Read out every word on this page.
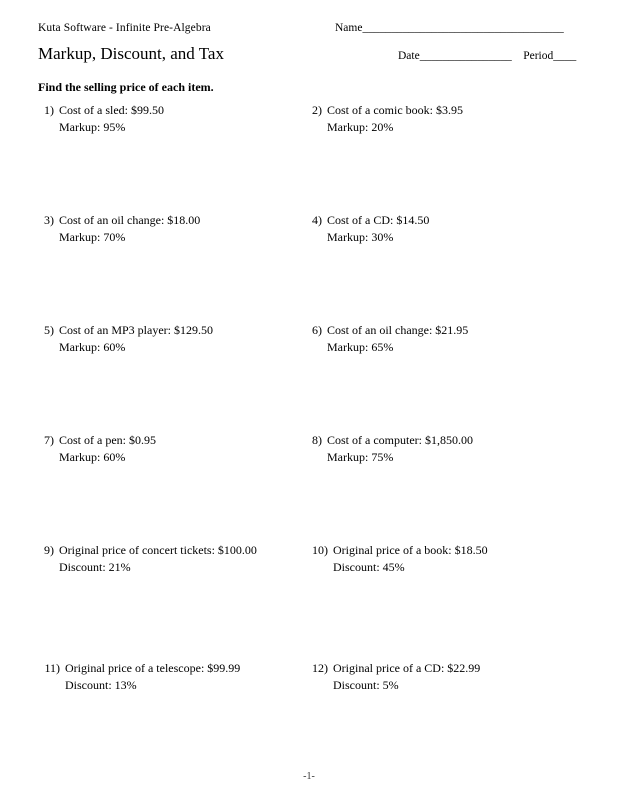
Kuta Software - Infinite Pre-Algebra	Name___________________________________
Markup, Discount, and Tax	Date________________ Period____
Find the selling price of each item.
1) Cost of a sled: $99.50
Markup: 95%
2) Cost of a comic book: $3.95
Markup: 20%
3) Cost of an oil change: $18.00
Markup: 70%
4) Cost of a CD: $14.50
Markup: 30%
5) Cost of an MP3 player: $129.50
Markup: 60%
6) Cost of an oil change: $21.95
Markup: 65%
7) Cost of a pen: $0.95
Markup: 60%
8) Cost of a computer: $1,850.00
Markup: 75%
9) Original price of concert tickets: $100.00
Discount: 21%
10) Original price of a book: $18.50
Discount: 45%
11) Original price of a telescope: $99.99
Discount: 13%
12) Original price of a CD: $22.99
Discount: 5%
-1-
